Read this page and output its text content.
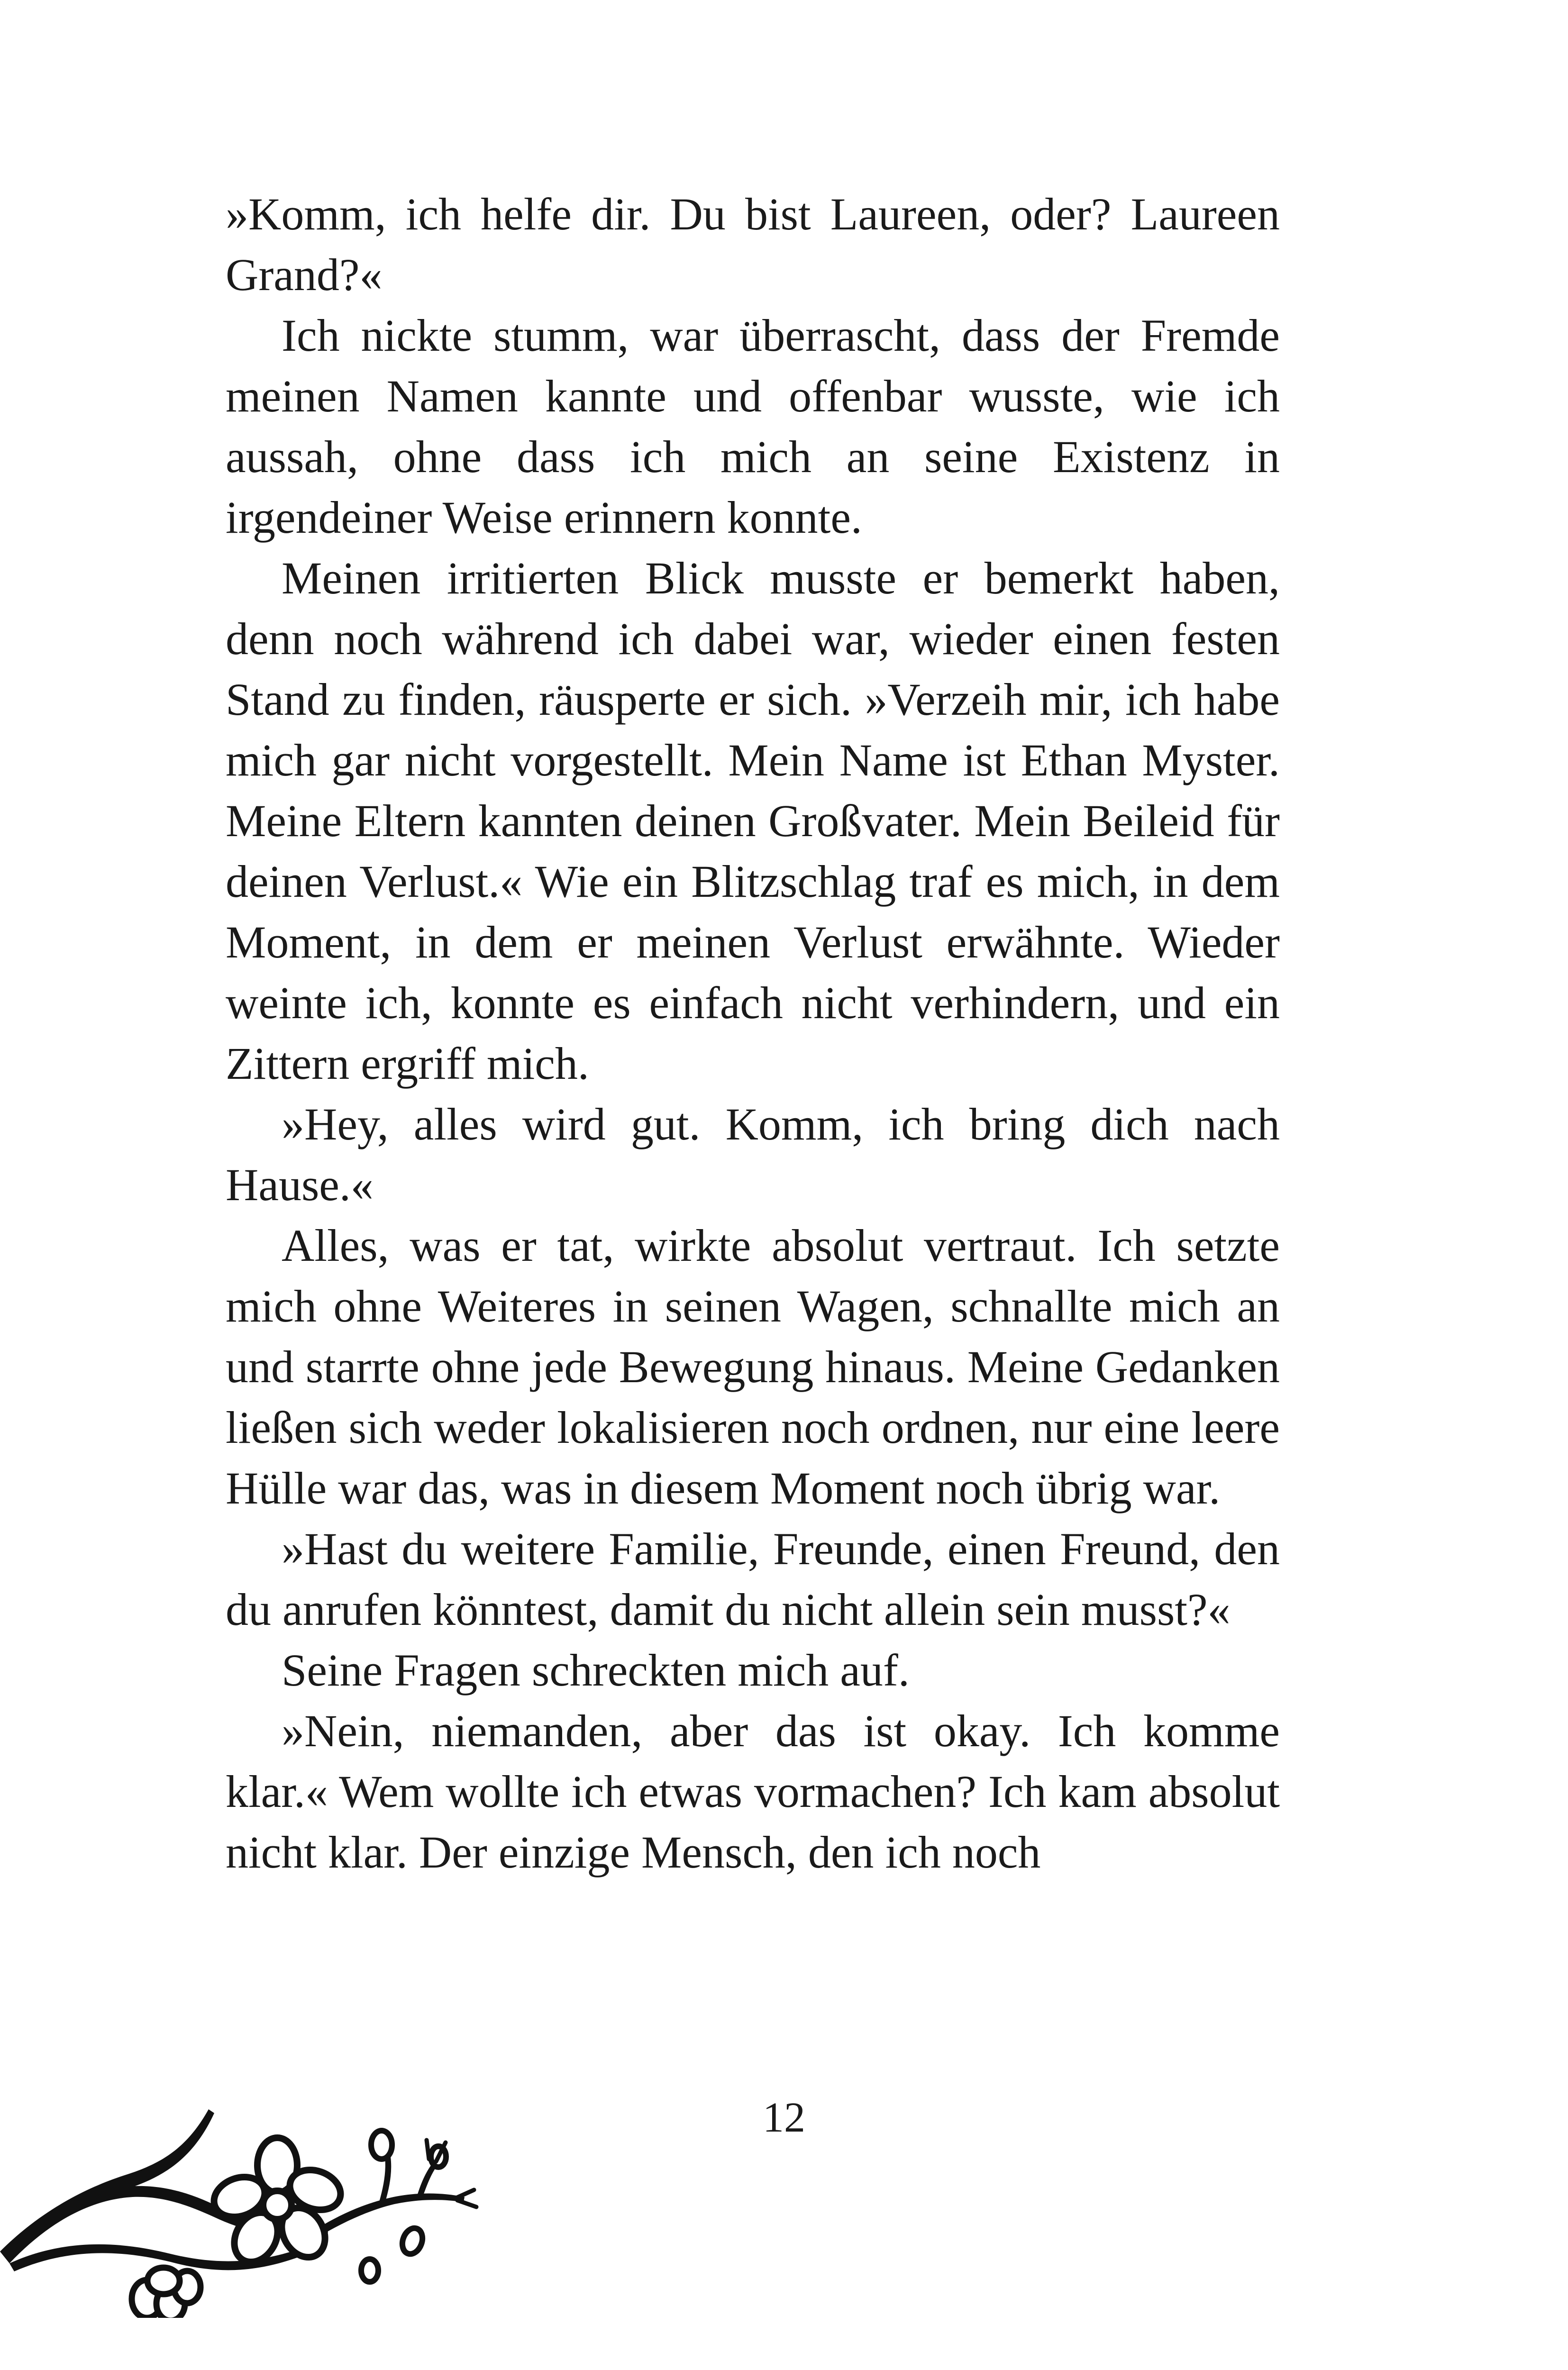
»Komm, ich helfe dir. Du bist Laureen, oder? Laureen Grand?«

Ich nickte stumm, war überrascht, dass der Fremde meinen Namen kannte und offenbar wusste, wie ich aussah, ohne dass ich mich an seine Existenz in irgendeiner Weise erinnern konnte.

Meinen irritierten Blick musste er bemerkt haben, denn noch während ich dabei war, wieder einen festen Stand zu finden, räusperte er sich. »Verzeih mir, ich habe mich gar nicht vorgestellt. Mein Name ist Ethan Myster. Meine Eltern kannten deinen Großvater. Mein Beileid für deinen Verlust.« Wie ein Blitzschlag traf es mich, in dem Moment, in dem er meinen Verlust erwähnte. Wieder weinte ich, konnte es einfach nicht verhindern, und ein Zittern ergriff mich.

»Hey, alles wird gut. Komm, ich bring dich nach Hause.«

Alles, was er tat, wirkte absolut vertraut. Ich setzte mich ohne Weiteres in seinen Wagen, schnallte mich an und starrte ohne jede Bewegung hinaus. Meine Gedanken ließen sich weder lokalisieren noch ordnen, nur eine leere Hülle war das, was in diesem Moment noch übrig war.

»Hast du weitere Familie, Freunde, einen Freund, den du anrufen könntest, damit du nicht allein sein musst?«

Seine Fragen schreckten mich auf.

»Nein, niemanden, aber das ist okay. Ich komme klar.« Wem wollte ich etwas vormachen? Ich kam absolut nicht klar. Der einzige Mensch, den ich noch

12
